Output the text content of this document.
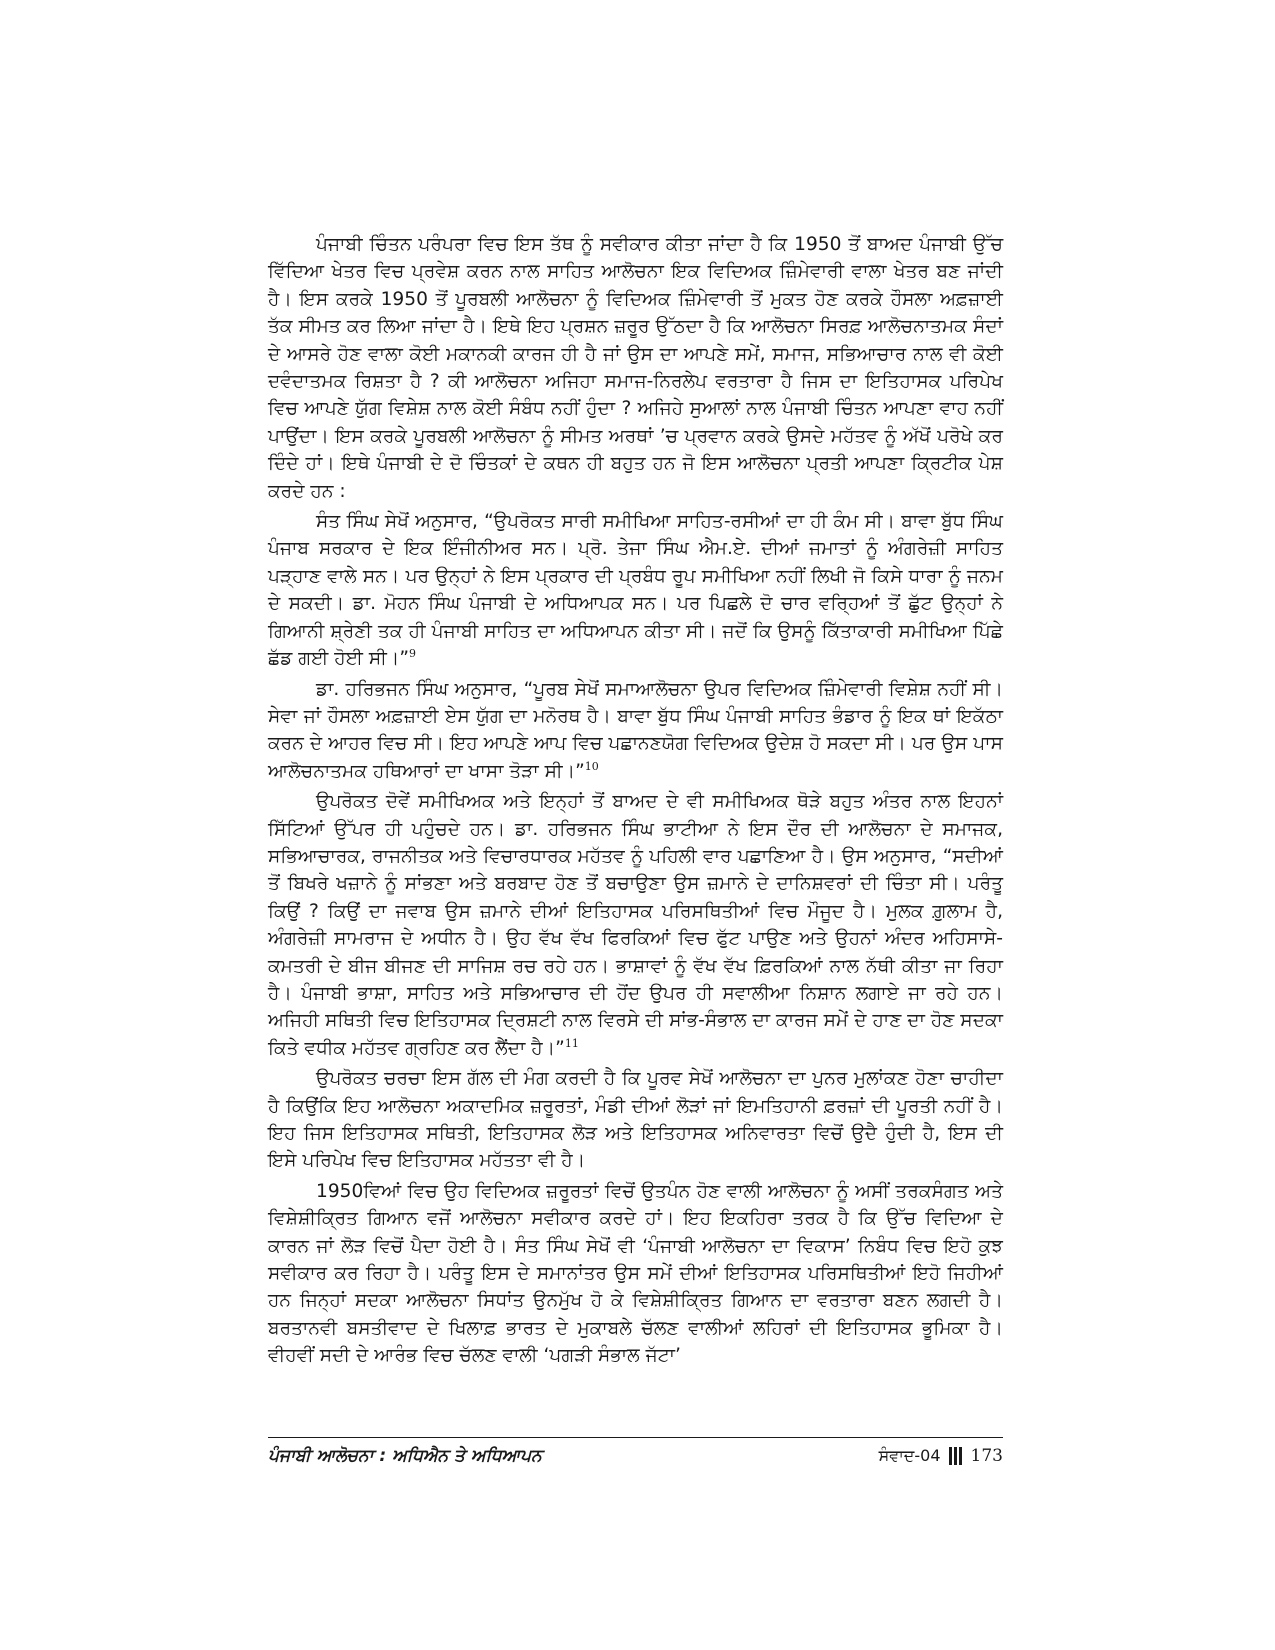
ਪੰਜਾਬੀ ਚਿੰਤਨ ਪਰੰਪਰਾ ਵਿਚ ਇਸ ਤੱਥ ਨੂੰ ਸਵੀਕਾਰ ਕੀਤਾ ਜਾਂਦਾ ਹੈ ਕਿ 1950 ਤੋਂ ਬਾਅਦ ਪੰਜਾਬੀ ਉੱਚ ਵਿੱਦਿਆ ਖੇਤਰ ਵਿਚ ਪ੍ਰਵੇਸ਼ ਕਰਨ ਨਾਲ ਸਾਹਿਤ ਆਲੋਚਨਾ ਇਕ ਵਿਦਿਅਕ ਜ਼ਿੰਮੇਵਾਰੀ ਵਾਲਾ ਖੇਤਰ ਬਣ ਜਾਂਦੀ ਹੈ। ਇਸ ਕਰਕੇ 1950 ਤੋਂ ਪੂਰਬਲੀ ਆਲੋਚਨਾ ਨੂੰ ਵਿਦਿਅਕ ਜ਼ਿੰਮੇਵਾਰੀ ਤੋਂ ਮੁਕਤ ਹੋਣ ਕਰਕੇ ਹੌਸਲਾ ਅਫ਼ਜ਼ਾਈ ਤੱਕ ਸੀਮਤ ਕਰ ਲਿਆ ਜਾਂਦਾ ਹੈ। ਇਥੇ ਇਹ ਪ੍ਰਸ਼ਨ ਜ਼ਰੂਰ ਉੱਠਦਾ ਹੈ ਕਿ ਆਲੋਚਨਾ ਸਿਰਫ਼ ਆਲੋਚਨਾਤਮਕ ਸੰਦਾਂ ਦੇ ਆਸਰੇ ਹੋਣ ਵਾਲਾ ਕੋਈ ਮਕਾਨਕੀ ਕਾਰਜ ਹੀ ਹੈ ਜਾਂ ਉਸ ਦਾ ਆਪਣੇ ਸਮੇਂ, ਸਮਾਜ, ਸਭਿਆਚਾਰ ਨਾਲ ਵੀ ਕੋਈ ਦਵੰਦਾਤਮਕ ਰਿਸ਼ਤਾ ਹੈ ? ਕੀ ਆਲੋਚਨਾ ਅਜਿਹਾ ਸਮਾਜ-ਨਿਰਲੇਪ ਵਰਤਾਰਾ ਹੈ ਜਿਸ ਦਾ ਇਤਿਹਾਸਕ ਪਰਿਪੇਖ ਵਿਚ ਆਪਣੇ ਯੁੱਗ ਵਿਸ਼ੇਸ਼ ਨਾਲ ਕੋਈ ਸੰਬੰਧ ਨਹੀਂ ਹੁੰਦਾ ? ਅਜਿਹੇ ਸੁਆਲਾਂ ਨਾਲ ਪੰਜਾਬੀ ਚਿੰਤਨ ਆਪਣਾ ਵਾਹ ਨਹੀਂ ਪਾਉਂਦਾ। ਇਸ ਕਰਕੇ ਪੂਰਬਲੀ ਆਲੋਚਨਾ ਨੂੰ ਸੀਮਤ ਅਰਥਾਂ ’ਚ ਪ੍ਰਵਾਨ ਕਰਕੇ ਉਸਦੇ ਮਹੱਤਵ ਨੂੰ ਅੱਖੋਂ ਪਰੋਖੇ ਕਰ ਦਿੰਦੇ ਹਾਂ। ਇਥੇ ਪੰਜਾਬੀ ਦੇ ਦੋ ਚਿੰਤਕਾਂ ਦੇ ਕਥਨ ਹੀ ਬਹੁਤ ਹਨ ਜੋ ਇਸ ਆਲੋਚਨਾ ਪ੍ਰਤੀ ਆਪਣਾ ਕ੍ਰਿਟੀਕ ਪੇਸ਼ ਕਰਦੇ ਹਨ :

ਸੰਤ ਸਿੰਘ ਸੇਖੋਂ ਅਨੁਸਾਰ, “ਉਪਰੋਕਤ ਸਾਰੀ ਸਮੀਖਿਆ ਸਾਹਿਤ-ਰਸੀਆਂ ਦਾ ਹੀ ਕੰਮ ਸੀ। ਬਾਵਾ ਬੁੱਧ ਸਿੰਘ ਪੰਜਾਬ ਸਰਕਾਰ ਦੇ ਇਕ ਇੰਜੀਨੀਅਰ ਸਨ। ਪ੍ਰੋ. ਤੇਜਾ ਸਿੰਘ ਐਮ.ਏ. ਦੀਆਂ ਜਮਾਤਾਂ ਨੂੰ ਅੰਗਰੇਜ਼ੀ ਸਾਹਿਤ ਪੜ੍ਹਾਣ ਵਾਲੇ ਸਨ। ਪਰ ਉਨ੍ਹਾਂ ਨੇ ਇਸ ਪ੍ਰਕਾਰ ਦੀ ਪ੍ਰਬੰਧ ਰੂਪ ਸਮੀਖਿਆ ਨਹੀਂ ਲਿਖੀ ਜੋ ਕਿਸੇ ਧਾਰਾ ਨੂੰ ਜਨਮ ਦੇ ਸਕਦੀ। ਡਾ. ਮੋਹਨ ਸਿੰਘ ਪੰਜਾਬੀ ਦੇ ਅਧਿਆਪਕ ਸਨ। ਪਰ ਪਿਛਲੇ ਦੋ ਚਾਰ ਵਰ੍ਹਿਆਂ ਤੋਂ ਛੁੱਟ ਉਨ੍ਹਾਂ ਨੇ ਗਿਆਨੀ ਸ਼੍ਰੇਣੀ ਤਕ ਹੀ ਪੰਜਾਬੀ ਸਾਹਿਤ ਦਾ ਅਧਿਆਪਨ ਕੀਤਾ ਸੀ। ਜਦੋਂ ਕਿ ਉਸਨੂੰ ਕਿੱਤਾਕਾਰੀ ਸਮੀਖਿਆ ਪਿੱਛੇ ਛੱਡ ਗਈ ਹੋਈ ਸੀ।”$^9$

ਡਾ. ਹਰਿਭਜਨ ਸਿੰਘ ਅਨੁਸਾਰ, “ਪੂਰਬ ਸੇਖੋਂ ਸਮਾਆਲੋਚਨਾ ਉਪਰ ਵਿਦਿਅਕ ਜ਼ਿੰਮੇਵਾਰੀ ਵਿਸ਼ੇਸ਼ ਨਹੀਂ ਸੀ। ਸੇਵਾ ਜਾਂ ਹੌਸਲਾ ਅਫ਼ਜ਼ਾਈ ਏਸ ਯੁੱਗ ਦਾ ਮਨੋਰਥ ਹੈ। ਬਾਵਾ ਬੁੱਧ ਸਿੰਘ ਪੰਜਾਬੀ ਸਾਹਿਤ ਭੰਡਾਰ ਨੂੰ ਇਕ ਥਾਂ ਇਕੱਠਾ ਕਰਨ ਦੇ ਆਹਰ ਵਿਚ ਸੀ। ਇਹ ਆਪਣੇ ਆਪ ਵਿਚ ਪਛਾਨਣਯੋਗ ਵਿਦਿਅਕ ਉਦੇਸ਼ ਹੋ ਸਕਦਾ ਸੀ। ਪਰ ਉਸ ਪਾਸ ਆਲੋਚਨਾਤਮਕ ਹਥਿਆਰਾਂ ਦਾ ਖਾਸਾ ਤੋੜਾ ਸੀ।”$^{10}$

ਉਪਰੋਕਤ ਦੋਵੇਂ ਸਮੀਖਿਅਕ ਅਤੇ ਇਨ੍ਹਾਂ ਤੋਂ ਬਾਅਦ ਦੇ ਵੀ ਸਮੀਖਿਅਕ ਥੋੜੇ ਬਹੁਤ ਅੰਤਰ ਨਾਲ ਇਹਨਾਂ ਸਿੱਟਿਆਂ ਉੱਪਰ ਹੀ ਪਹੁੰਚਦੇ ਹਨ। ਡਾ. ਹਰਿਭਜਨ ਸਿੰਘ ਭਾਟੀਆ ਨੇ ਇਸ ਦੌਰ ਦੀ ਆਲੋਚਨਾ ਦੇ ਸਮਾਜਕ, ਸਭਿਆਚਾਰਕ, ਰਾਜਨੀਤਕ ਅਤੇ ਵਿਚਾਰਧਾਰਕ ਮਹੱਤਵ ਨੂੰ ਪਹਿਲੀ ਵਾਰ ਪਛਾਣਿਆ ਹੈ। ਉਸ ਅਨੁਸਾਰ, “ਸਦੀਆਂ ਤੋਂ ਬਿਖਰੇ ਖਜ਼ਾਨੇ ਨੂੰ ਸਾਂਭਣਾ ਅਤੇ ਬਰਬਾਦ ਹੋਣ ਤੋਂ ਬਚਾਉਣਾ ਉਸ ਜ਼ਮਾਨੇ ਦੇ ਦਾਨਿਸ਼ਵਰਾਂ ਦੀ ਚਿੰਤਾ ਸੀ। ਪਰੰਤੂ ਕਿਉਂ ? ਕਿਉਂ ਦਾ ਜਵਾਬ ਉਸ ਜ਼ਮਾਨੇ ਦੀਆਂ ਇਤਿਹਾਸਕ ਪਰਿਸਥਿਤੀਆਂ ਵਿਚ ਮੌਜੂਦ ਹੈ। ਮੁਲਕ ਗ਼ੁਲਾਮ ਹੈ, ਅੰਗਰੇਜ਼ੀ ਸਾਮਰਾਜ ਦੇ ਅਧੀਨ ਹੈ। ਉਹ ਵੱਖ ਵੱਖ ਫਿਰਕਿਆਂ ਵਿਚ ਫੁੱਟ ਪਾਉਣ ਅਤੇ ਉਹਨਾਂ ਅੰਦਰ ਅਹਿਸਾਸੇ-ਕਮਤਰੀ ਦੇ ਬੀਜ ਬੀਜਣ ਦੀ ਸਾਜਿਸ਼ ਰਚ ਰਹੇ ਹਨ। ਭਾਸ਼ਾਵਾਂ ਨੂੰ ਵੱਖ ਵੱਖ ਫ਼ਿਰਕਿਆਂ ਨਾਲ ਨੱਥੀ ਕੀਤਾ ਜਾ ਰਿਹਾ ਹੈ। ਪੰਜਾਬੀ ਭਾਸ਼ਾ, ਸਾਹਿਤ ਅਤੇ ਸਭਿਆਚਾਰ ਦੀ ਹੋਂਦ ਉਪਰ ਹੀ ਸਵਾਲੀਆ ਨਿਸ਼ਾਨ ਲਗਾਏ ਜਾ ਰਹੇ ਹਨ। ਅਜਿਹੀ ਸਥਿਤੀ ਵਿਚ ਇਤਿਹਾਸਕ ਦ੍ਰਿਸ਼ਟੀ ਨਾਲ ਵਿਰਸੇ ਦੀ ਸਾਂਭ-ਸੰਭਾਲ ਦਾ ਕਾਰਜ ਸਮੇਂ ਦੇ ਹਾਣ ਦਾ ਹੋਣ ਸਦਕਾ ਕਿਤੇ ਵਧੀਕ ਮਹੱਤਵ ਗ੍ਰਹਿਣ ਕਰ ਲੈਂਦਾ ਹੈ।”$^{11}$

ਉਪਰੋਕਤ ਚਰਚਾ ਇਸ ਗੱਲ ਦੀ ਮੰਗ ਕਰਦੀ ਹੈ ਕਿ ਪੂਰਵ ਸੇਖੋਂ ਆਲੋਚਨਾ ਦਾ ਪੁਨਰ ਮੁਲਾਂਕਣ ਹੋਣਾ ਚਾਹੀਦਾ ਹੈ ਕਿਉਂਕਿ ਇਹ ਆਲੋਚਨਾ ਅਕਾਦਮਿਕ ਜ਼ਰੂਰਤਾਂ, ਮੰਡੀ ਦੀਆਂ ਲੋੜਾਂ ਜਾਂ ਇਮਤਿਹਾਨੀ ਫ਼ਰਜ਼ਾਂ ਦੀ ਪੂਰਤੀ ਨਹੀਂ ਹੈ। ਇਹ ਜਿਸ ਇਤਿਹਾਸਕ ਸਥਿਤੀ, ਇਤਿਹਾਸਕ ਲੋੜ ਅਤੇ ਇਤਿਹਾਸਕ ਅਨਿਵਾਰਤਾ ਵਿਚੋਂ ਉਦੈ ਹੁੰਦੀ ਹੈ, ਇਸ ਦੀ ਇਸੇ ਪਰਿਪੇਖ ਵਿਚ ਇਤਿਹਾਸਕ ਮਹੱਤਤਾ ਵੀ ਹੈ।

1950ਵਿਆਂ ਵਿਚ ਉਹ ਵਿਦਿਅਕ ਜ਼ਰੂਰਤਾਂ ਵਿਚੋਂ ਉਤਪੰਨ ਹੋਣ ਵਾਲੀ ਆਲੋਚਨਾ ਨੂੰ ਅਸੀਂ ਤਰਕਸੰਗਤ ਅਤੇ ਵਿਸ਼ੇਸ਼ੀਕ੍ਰਿਤ ਗਿਆਨ ਵਜੋਂ ਆਲੋਚਨਾ ਸਵੀਕਾਰ ਕਰਦੇ ਹਾਂ। ਇਹ ਇਕਹਿਰਾ ਤਰਕ ਹੈ ਕਿ ਉੱਚ ਵਿਦਿਆ ਦੇ ਕਾਰਨ ਜਾਂ ਲੋੜ ਵਿਚੋਂ ਪੈਦਾ ਹੋਈ ਹੈ। ਸੰਤ ਸਿੰਘ ਸੇਖੋਂ ਵੀ ‘ਪੰਜਾਬੀ ਆਲੋਚਨਾ ਦਾ ਵਿਕਾਸ’ ਨਿਬੰਧ ਵਿਚ ਇਹੋ ਕੁਝ ਸਵੀਕਾਰ ਕਰ ਰਿਹਾ ਹੈ। ਪਰੰਤੂ ਇਸ ਦੇ ਸਮਾਨਾਂਤਰ ਉਸ ਸਮੇਂ ਦੀਆਂ ਇਤਿਹਾਸਕ ਪਰਿਸਥਿਤੀਆਂ ਇਹੋ ਜਿਹੀਆਂ ਹਨ ਜਿਨ੍ਹਾਂ ਸਦਕਾ ਆਲੋਚਨਾ ਸਿਧਾਂਤ ਉਨਮੁੱਖ ਹੋ ਕੇ ਵਿਸ਼ੇਸ਼ੀਕ੍ਰਿਤ ਗਿਆਨ ਦਾ ਵਰਤਾਰਾ ਬਣਨ ਲਗਦੀ ਹੈ। ਬਰਤਾਨਵੀ ਬਸਤੀਵਾਦ ਦੇ ਖਿਲਾਫ਼ ਭਾਰਤ ਦੇ ਮੁਕਾਬਲੇ ਚੱਲਣ ਵਾਲੀਆਂ ਲਹਿਰਾਂ ਦੀ ਇਤਿਹਾਸਕ ਭੂਮਿਕਾ ਹੈ। ਵੀਹਵੀਂ ਸਦੀ ਦੇ ਆਰੰਭ ਵਿਚ ਚੱਲਣ ਵਾਲੀ ‘ਪਗੜੀ ਸੰਭਾਲ ਜੱਟਾ’

ਪੰਜਾਬੀ ਆਲੋਚਨਾ : ਅਧਿਐਨ ਤੇ ਅਧਿਆਪਨ	ਸੰਵਾਦ-04 173
